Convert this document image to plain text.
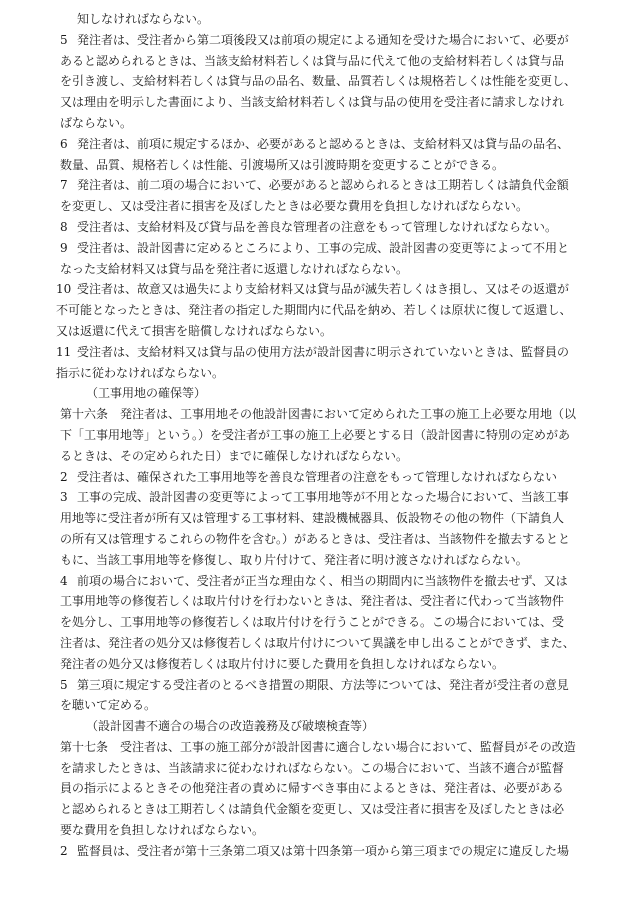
知しなければならない。
5 発注者は、受注者から第二項後段又は前項の規定による通知を受けた場合において、必要が
あると認められるときは、当該支給材料若しくは貸与品に代えて他の支給材料若しくは貸与品
を引き渡し、支給材料若しくは貸与品の品名、数量、品質若しくは規格若しくは性能を変更し、
又は理由を明示した書面により、当該支給材料若しくは貸与品の使用を受注者に請求しなけれ
ばならない。
6 発注者は、前項に規定するほか、必要があると認めるときは、支給材料又は貸与品の品名、
数量、品質、規格若しくは性能、引渡場所又は引渡時期を変更することができる。
7 発注者は、前二項の場合において、必要があると認められるときは工期若しくは請負代金額
を変更し、又は受注者に損害を及ぼしたときは必要な費用を負担しなければならない。
8 受注者は、支給材料及び貸与品を善良な管理者の注意をもって管理しなければならない。
9 受注者は、設計図書に定めるところにより、工事の完成、設計図書の変更等によって不用と
なった支給材料又は貸与品を発注者に返還しなければならない。
10 受注者は、故意又は過失により支給材料又は貸与品が滅失若しくはき損し、又はその返還が
不可能となったときは、発注者の指定した期間内に代品を納め、若しくは原状に復して返還し、
又は返還に代えて損害を賠償しなければならない。
11 受注者は、支給材料又は貸与品の使用方法が設計図書に明示されていないときは、監督員の
指示に従わなければならない。
（工事用地の確保等）
第十六条　発注者は、工事用地その他設計図書において定められた工事の施工上必要な用地（以
下「工事用地等」という。）を受注者が工事の施工上必要とする日（設計図書に特別の定めがあ
るときは、その定められた日）までに確保しなければならない。
2 受注者は、確保された工事用地等を善良な管理者の注意をもって管理しなければならない
3 工事の完成、設計図書の変更等によって工事用地等が不用となった場合において、当該工事
用地等に受注者が所有又は管理する工事材料、建設機械器具、仮設物その他の物件（下請負人
の所有又は管理するこれらの物件を含む。）があるときは、受注者は、当該物件を撤去するとと
もに、当該工事用地等を修復し、取り片付けて、発注者に明け渡さなければならない。
4 前項の場合において、受注者が正当な理由なく、相当の期間内に当該物件を撤去せず、又は
工事用地等の修復若しくは取片付けを行わないときは、発注者は、受注者に代わって当該物件
を処分し、工事用地等の修復若しくは取片付けを行うことができる。この場合においては、受
注者は、発注者の処分又は修復若しくは取片付けについて異議を申し出ることができず、また、
発注者の処分又は修復若しくは取片付けに要した費用を負担しなければならない。
5 第三項に規定する受注者のとるべき措置の期限、方法等については、発注者が受注者の意見
を聴いて定める。
（設計図書不適合の場合の改造義務及び破壊検査等）
第十七条　受注者は、工事の施工部分が設計図書に適合しない場合において、監督員がその改造
を請求したときは、当該請求に従わなければならない。この場合において、当該不適合が監督
員の指示によるときその他発注者の責めに帰すべき事由によるときは、発注者は、必要がある
と認められるときは工期若しくは請負代金額を変更し、又は受注者に損害を及ぼしたときは必
要な費用を負担しなければならない。
2 監督員は、受注者が第十三条第二項又は第十四条第一項から第三項までの規定に違反した場
